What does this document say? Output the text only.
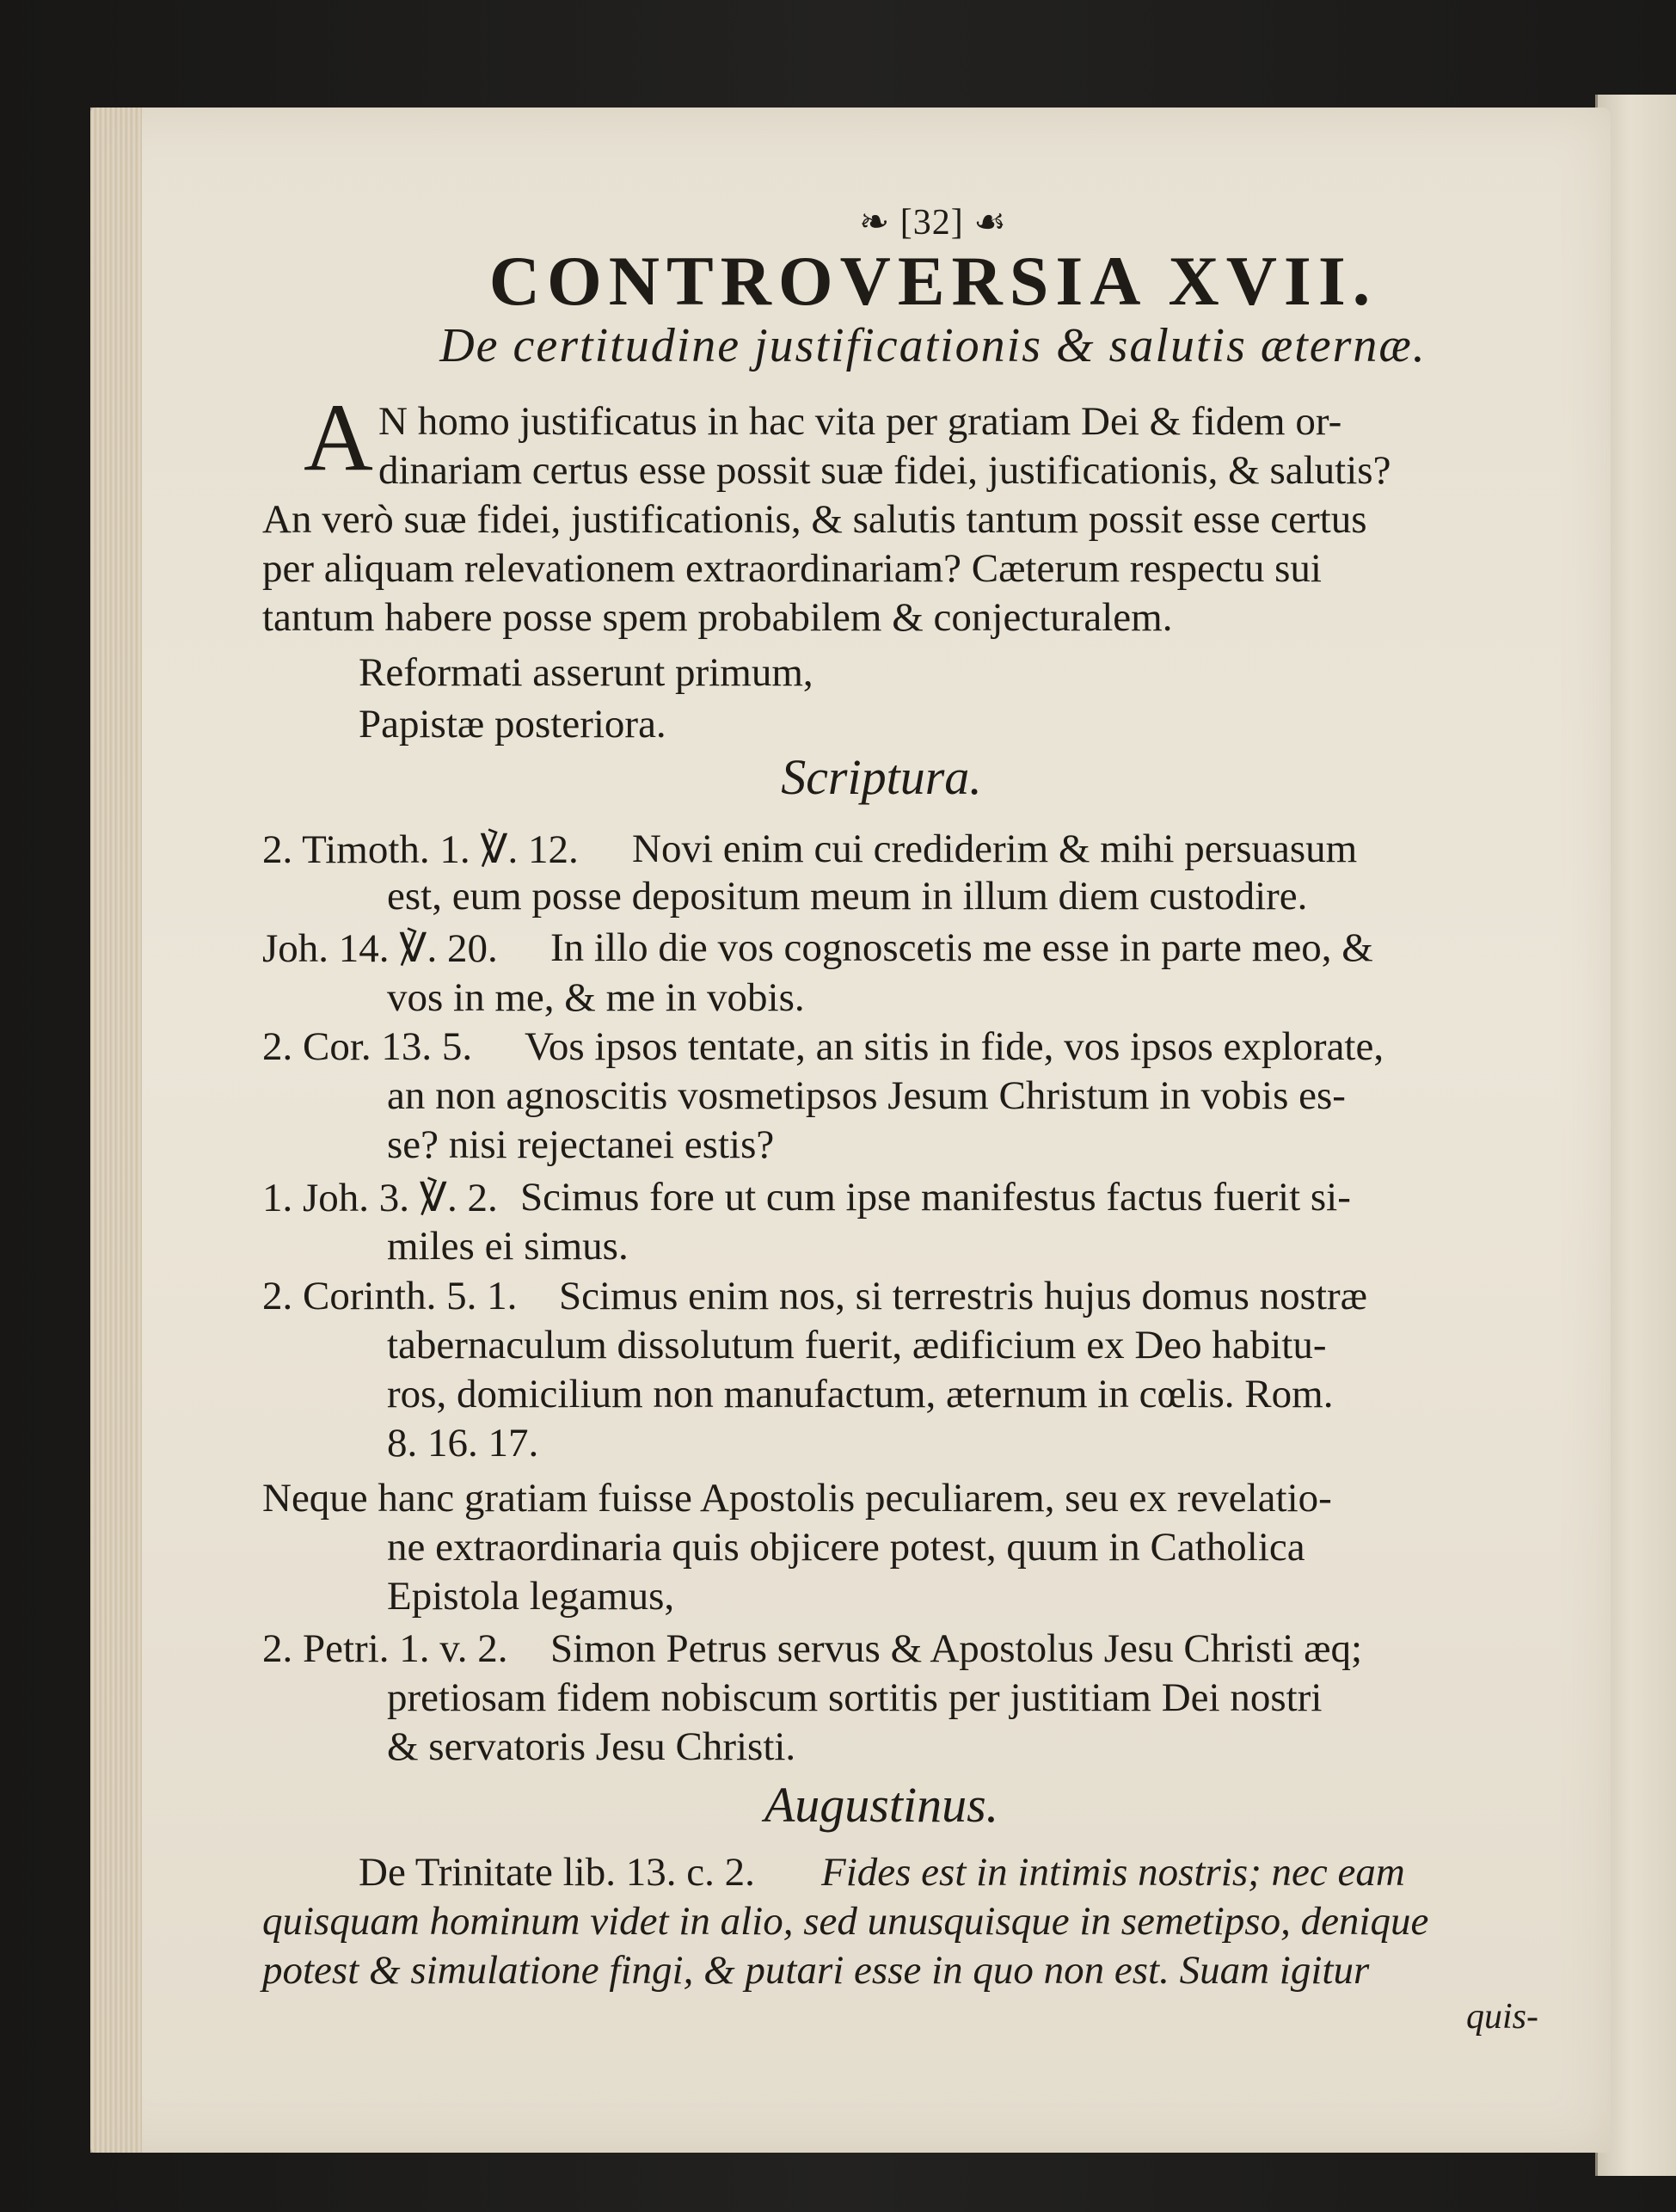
❧ [32] ☙
CONTROVERSIA XVII.
De certitudine justificationis & salutis æternæ.
A N homo justificatus in hac vita per gratiam Dei & fidem or-
dinariam certus esse possit suæ fidei, justificationis, & salutis?
An verò suæ fidei, justificationis, & salutis tantum possit esse certus
per aliquam relevationem extraordinariam? Cæterum respectu sui
tantum habere posse spem probabilem & conjecturalem.
Reformati asserunt primum,
Papistæ posteriora.
Scriptura.
2. Timoth. 1. ℣. 12. Novi enim cui crediderim & mihi persuasum
est, eum posse depositum meum in illum diem custodire.
Joh. 14. ℣. 20. In illo die vos cognoscetis me esse in parte meo, &
vos in me, & me in vobis.
2. Cor. 13. 5. Vos ipsos tentate, an sitis in fide, vos ipsos explorate,
an non agnoscitis vosmetipsos Jesum Christum in vobis es-
se? nisi rejectanei estis?
1. Joh. 3. ℣. 2. Scimus fore ut cum ipse manifestus factus fuerit si-
miles ei simus.
2. Corinth. 5. 1. Scimus enim nos, si terrestris hujus domus nostræ
tabernaculum dissolutum fuerit, ædificium ex Deo habitu-
ros, domicilium non manufactum, æternum in cœlis. Rom.
8. 16. 17.
Neque hanc gratiam fuisse Apostolis peculiarem, seu ex revelatio-
ne extraordinaria quis objicere potest, quum in Catholica
Epistola legamus,
2. Petri. 1. v. 2. Simon Petrus servus & Apostolus Jesu Christi æq;
pretiosam fidem nobiscum sortitis per justitiam Dei nostri
& servatoris Jesu Christi.
Augustinus.
De Trinitate lib. 13. c. 2. Fides est in intimis nostris; nec eam
quisquam hominum videt in alio, sed unusquisque in semetipso, denique
potest & simulatione fingi, & putari esse in quo non est. Suam igitur
quis-
